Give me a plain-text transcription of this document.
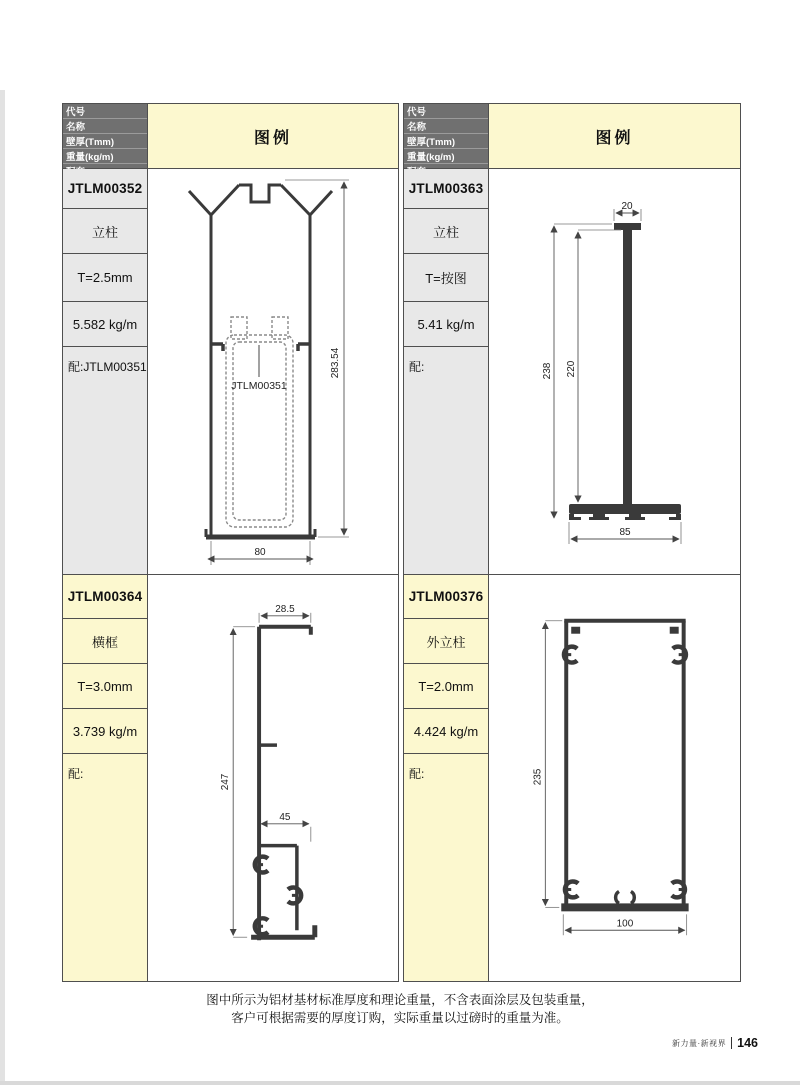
代号
名称
壁厚(Tmm)
重量(kg/m)
图例
JTLM00352
立柱
T=2.5mm
5.582 kg/m
配:JTLM00351
JTLM00351
283.54
80
JTLM00364
横框
T=3.0mm
3.739 kg/m
配:
28.5
247
45
代号
名称
壁厚(Tmm)
重量(kg/m)
图例
JTLM00363
立柱
T=按图
5.41 kg/m
配:
20
238 220
85
JTLM00376
外立柱
T=2.0mm
4.424 kg/m
配:	235
100
图中所示为铝材基材标准厚度和理论重量，不含表面涂层及包装重量，
客户可根据需要的厚度订购，实际重量以过磅时的重量为准。
新力量·新视界 146
